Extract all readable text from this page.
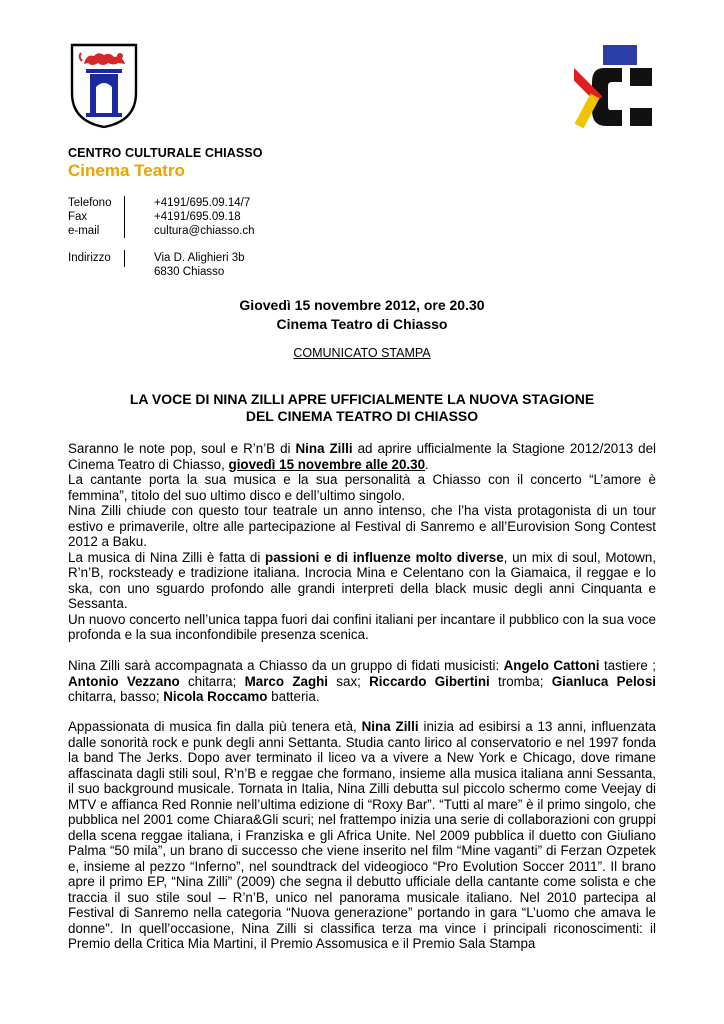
CENTRO CULTURALE CHIASSO
Cinema Teatro
Telefono	+4191/695.09.14/7
Fax	+4191/695.09.18
e-mail	cultura@chiasso.ch
Indirizzo	Via D. Alighieri 3b
6830 Chiasso
Giovedì 15 novembre 2012, ore 20.30
Cinema Teatro di Chiasso
COMUNICATO STAMPA
LA VOCE DI NINA ZILLI APRE UFFICIALMENTE LA NUOVA STAGIONE
DEL CINEMA TEATRO DI CHIASSO

Saranno le note pop, soul e R’n’B di Nina Zilli ad aprire ufficialmente la Stagione 2012/2013 del Cinema Teatro di Chiasso, giovedì 15 novembre alle 20.30.

La cantante porta la sua musica e la sua personalità a Chiasso con il concerto “L’amore è femmina”, titolo del suo ultimo disco e dell’ultimo singolo.

Nina Zilli chiude con questo tour teatrale un anno intenso, che l’ha vista protagonista di un tour estivo e primaverile, oltre alle partecipazione al Festival di Sanremo e all’Eurovision Song Contest 2012 a Baku.

La musica di Nina Zilli è fatta di passioni e di influenze molto diverse, un mix di soul, Motown, R’n’B, rocksteady e tradizione italiana. Incrocia Mina e Celentano con la Giamaica, il reggae e lo ska, con uno sguardo profondo alle grandi interpreti della black music degli anni Cinquanta e Sessanta.

Un nuovo concerto nell’unica tappa fuori dai confini italiani per incantare il pubblico con la sua voce profonda e la sua inconfondibile presenza scenica.

Nina Zilli sarà accompagnata a Chiasso da un gruppo di fidati musicisti: Angelo Cattoni tastiere ; Antonio Vezzano chitarra; Marco Zaghi sax; Riccardo Gibertini tromba; Gianluca Pelosi chitarra, basso; Nicola Roccamo batteria.

Appassionata di musica fin dalla più tenera età, Nina Zilli inizia ad esibirsi a 13 anni, influenzata dalle sonorità rock e punk degli anni Settanta. Studia canto lirico al conservatorio e nel 1997 fonda la band The Jerks. Dopo aver terminato il liceo va a vivere a New York e Chicago, dove rimane affascinata dagli stili soul, R’n’B e reggae che formano, insieme alla musica italiana anni Sessanta, il suo background musicale. Tornata in Italia, Nina Zilli debutta sul piccolo schermo come Veejay di MTV e affianca Red Ronnie nell’ultima edizione di “Roxy Bar”. “Tutti al mare” è il primo singolo, che pubblica nel 2001 come Chiara&Gli scuri; nel frattempo inizia una serie di collaborazioni con gruppi della scena reggae italiana, i Franziska e gli Africa Unite. Nel 2009 pubblica il duetto con Giuliano Palma “50 mila”, un brano di successo che viene inserito nel film “Mine vaganti” di Ferzan Ozpetek e, insieme al pezzo “Inferno”, nel soundtrack del videogioco “Pro Evolution Soccer 2011”. Il brano apre il primo EP, “Nina Zilli” (2009) che segna il debutto ufficiale della cantante come solista e che traccia il suo stile soul – R’n’B, unico nel panorama musicale italiano. Nel 2010 partecipa al Festival di Sanremo nella categoria “Nuova generazione” portando in gara “L’uomo che amava le donne”. In quell’occasione, Nina Zilli si classifica terza ma vince i principali riconoscimenti: il Premio della Critica Mia Martini, il Premio Assomusica e il Premio Sala Stampa
